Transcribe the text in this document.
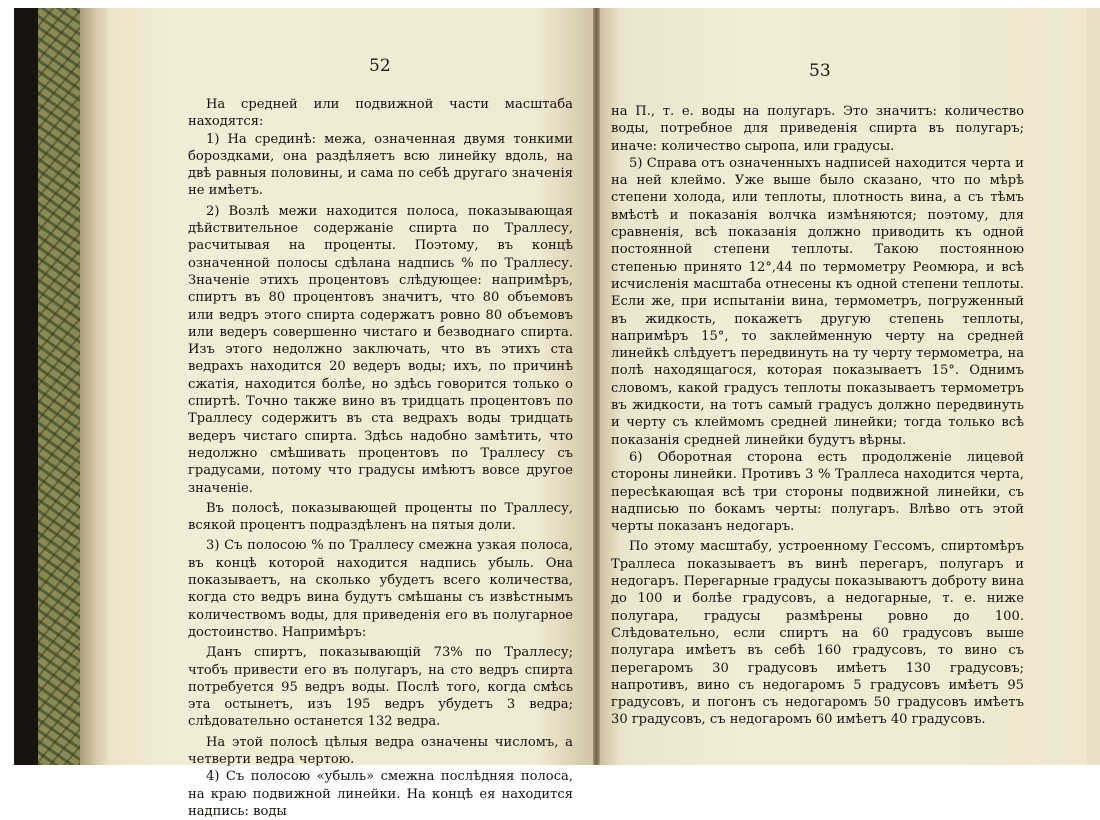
52

На средней или подвижной части масштаба находятся:

1) На срединѣ: межа, означенная двумя тонкими бороздками, она раздѣляетъ всю линейку вдоль, на двѣ равныя половины, и сама по себѣ другаго значенія не имѣетъ.

2) Возлѣ межи находится полоса, показывающая дѣйствительное содержаніе спирта по Траллесу, расчитывая на проценты. Поэтому, въ концѣ означенной полосы сдѣлана надпись % по Траллесу. Значеніе этихъ процентовъ слѣдующее: напримѣръ, спиртъ въ 80 процентовъ значитъ, что 80 объемовъ или ведръ этого спирта содержатъ ровно 80 объемовъ или ведеръ совершенно чистаго и безводнаго спирта. Изъ этого недолжно заключать, что въ этихъ ста ведрахъ находится 20 ведеръ воды; ихъ, по причинѣ сжатія, находится болѣе, но здѣсь говорится только о спиртѣ. Точно также вино въ тридцать процентовъ по Траллесу содержитъ въ ста ведрахъ воды тридцать ведеръ чистаго спирта. Здѣсь надобно замѣтить, что недолжно смѣшивать процентовъ по Траллесу съ градусами, потому что градусы имѣютъ вовсе другое значеніе.

Въ полосѣ, показывающей проценты по Траллесу, всякой процентъ подраздѣленъ на пятыя доли.

3) Съ полосою % по Траллесу смежна узкая полоса, въ концѣ которой находится надпись убыль. Она показываетъ, на сколько убудетъ всего количества, когда сто ведръ вина будутъ смѣшаны съ извѣстнымъ количествомъ воды, для приведенія его въ полугарное достоинство. Напримѣръ:

Данъ спиртъ, показывающій 73% по Траллесу; чтобъ привести его въ полугаръ, на сто ведръ спирта потребуется 95 ведръ воды. Послѣ того, когда смѣсь эта остынетъ, изъ 195 ведръ убудетъ 3 ведра; слѣдовательно останется 132 ведра.

На этой полосѣ цѣлыя ведра означены числомъ, а четверти ведра чертою.

4) Съ полосою «убыль» смежна послѣдняя полоса, на краю подвижной линейки. На концѣ ея находится надпись: воды

53

на П., т. е. воды на полугаръ. Это значитъ: количество воды, потребное для приведенія спирта въ полугаръ; иначе: количество сыропа, или градусы.

5) Справа отъ означенныхъ надписей находится черта и на ней клеймо. Уже выше было сказано, что по мѣрѣ степени холода, или теплоты, плотность вина, а съ тѣмъ вмѣстѣ и показанія волчка измѣняются; поэтому, для сравненія, всѣ показанія должно приводить къ одной постоянной степени теплоты. Такою постоянною степенью принято 12°,44 по термометру Реомюра, и всѣ исчисленія масштаба отнесены къ одной степени теплоты. Если же, при испытаніи вина, термометръ, погруженный въ жидкость, покажетъ другую степень теплоты, напримѣръ 15°, то заклейменную черту на средней линейкѣ слѣдуетъ передвинуть на ту черту термометра, на полѣ находящагося, которая показываетъ 15°. Однимъ словомъ, какой градусъ теплоты показываетъ термометръ въ жидкости, на тотъ самый градусъ должно передвинуть и черту съ клеймомъ средней линейки; тогда только всѣ показанія средней линейки будутъ вѣрны.

6) Оборотная сторона есть продолженіе лицевой стороны линейки. Противъ 3 % Траллеса находится черта, пересѣкающая всѣ три стороны подвижной линейки, съ надписью по бокамъ черты: полугаръ. Влѣво отъ этой черты показанъ недогаръ.

По этому масштабу, устроенному Гессомъ, спиртомѣръ Траллеса показываетъ въ винѣ перегаръ, полугаръ и недогаръ. Перегарные градусы показываютъ доброту вина до 100 и болѣе градусовъ, а недогарные, т. е. ниже полугара, градусы размѣрены ровно до 100. Слѣдовательно, если спиртъ на 60 градусовъ выше полугара имѣетъ въ себѣ 160 градусовъ, то вино съ перегаромъ 30 градусовъ имѣетъ 130 градусовъ; напротивъ, вино съ недогаромъ 5 градусовъ имѣетъ 95 градусовъ, и погонъ съ недогаромъ 50 градусовъ имѣетъ 30 градусовъ, съ недогаромъ 60 имѣетъ 40 градусовъ.
